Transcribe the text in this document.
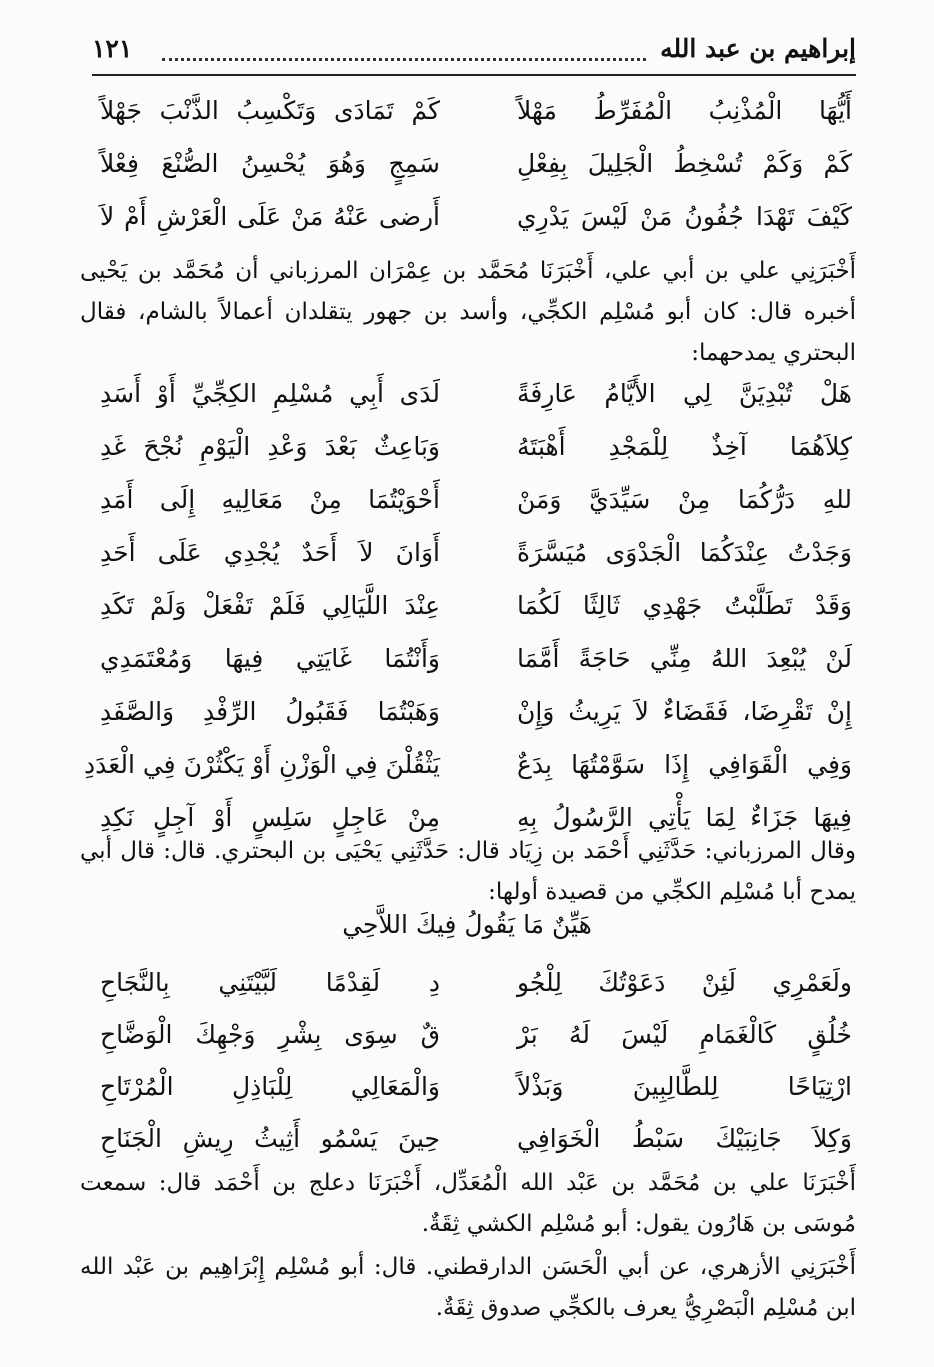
إبراهيم بن عبد الله
١٢١
أَيُّهَا الْمُذْنِبُ الْمُفَرِّطُ مَهْلاً
كَمْ تَمَادَى وَتَكْسِبُ الذَّنْبَ جَهْلاً
كَمْ وَكَمْ تُسْخِطُ الْجَلِيلَ بِفِعْلِ
سَمِجٍ وَهُوَ يُحْسِنُ الصُّنْعَ فِعْلاً
كَيْفَ تَهْدَا جُفُونُ مَنْ لَيْسَ يَدْرِي
أَرضى عَنْهُ مَنْ عَلَى الْعَرْشِ أَمْ لاَ

أَخْبَرَنِي علي بن أبي علي، أَخْبَرَنَا مُحَمَّد بن عِمْرَان المرزباني أن مُحَمَّد بن يَحْيى أخبره قال: كان أبو مُسْلِم الكجِّي، وأسد بن جهور يتقلدان أعمالاً بالشام، فقال البحتري يمدحهما:

هَلْ تُبْدِيَنَّ لِي الأَيَّامُ عَارِفَةً
لَدَى أَبِي مُسْلِمِ الكِجِّيِّ أَوْ أَسَدِ
كِلاَهُمَا آخِذٌ لِلْمَجْدِ أَهْبَتَهُ
وَبَاعِثٌ بَعْدَ وَعْدِ الْيَوْمِ نُجْحَ غَدِ
للهِ دَرُّكُمَا مِنْ سَيِّدَيَّ وَمَنْ
أَحْوَيْتُمَا مِنْ مَعَالِيهِ إِلَى أَمَدِ
وَجَدْتُ عِنْدَكُمَا الْجَدْوَى مُيَسَّرَةً
أَوَانَ لاَ أَحَدٌ يُجْدِي عَلَى أَحَدِ
وَقَدْ تَطَلَّبْتُ جَهْدِي ثَالِثًا لَكُمَا
عِنْدَ اللَّيَالِي فَلَمْ تَفْعَلْ وَلَمْ تَكَدِ
لَنْ يُبْعِدَ اللهُ مِنِّي حَاجَةً أَمَّمَا
وَأَنْتُمَا غَايَتِي فِيهَا وَمُعْتَمَدِي
إِنْ تَقْرِضَا، فَقَضَاءٌ لاَ يَرِيثُ وَإِنْ
وَهَبْتُمَا فَقَبُولُ الرِّفْدِ وَالصَّفَدِ
وَفِي الْقَوَافِي إِذَا سَوَّمْتُهَا بِدَعٌ
يَثْقُلْنَ فِي الْوَزْنِ أَوْ يَكْثُرْنَ فِي الْعَدَدِ
فِيهَا جَزَاءٌ لِمَا يَأْتِي الرَّسُولُ بِهِ
مِنْ عَاجِلٍ سَلِسٍ أَوْ آجِلٍ نَكِدِ

وقال المرزباني: حَدَّثَنِي أَحْمَد بن زِيَاد قال: حَدَّثَنِي يَحْيَى بن البحتري. قال: قال أبي يمدح أبا مُسْلِم الكجِّي من قصيدة أولها:

هَيِّنٌ مَا يَقُولُ فِيكَ اللاَّحِي
ولَعَمْرِي لَئِنْ دَعَوْتُكَ لِلْجُو
دِ لَقِدْمًا لَبَّيْتَنِي بِالنَّجَاحِ
خُلُقٍ كَالْغَمَامِ لَيْسَ لَهُ بَرْ
قٌ سِوَى بِشْرِ وَجْهِكَ الْوَضَّاحِ
ارْتِيَاحًا لِلطَّالِبِينَ وَبَذْلاً
وَالْمَعَالِي لِلْبَاذِلِ الْمُرْتَاحِ
وَكِلاَ جَانِبَيْكَ سَبْطُ الْخَوَافِي
حِينَ يَسْمُو أَثِيثُ رِيشِ الْجَنَاحِ

أَخْبَرَنَا علي بن مُحَمَّد بن عَبْد الله الْمُعَدِّل، أَخْبَرَنَا دعلج بن أَحْمَد قال: سمعت مُوسَى بن هَارُون يقول: أبو مُسْلِم الكشي ثِقَةٌ.

أَخْبَرَنِي الأزهري، عن أبي الْحَسَن الدارقطني. قال: أبو مُسْلِم إِبْرَاهِيم بن عَبْد الله ابن مُسْلِم الْبَصْرِيُّ يعرف بالكجِّي صدوق ثِقَةٌ.
